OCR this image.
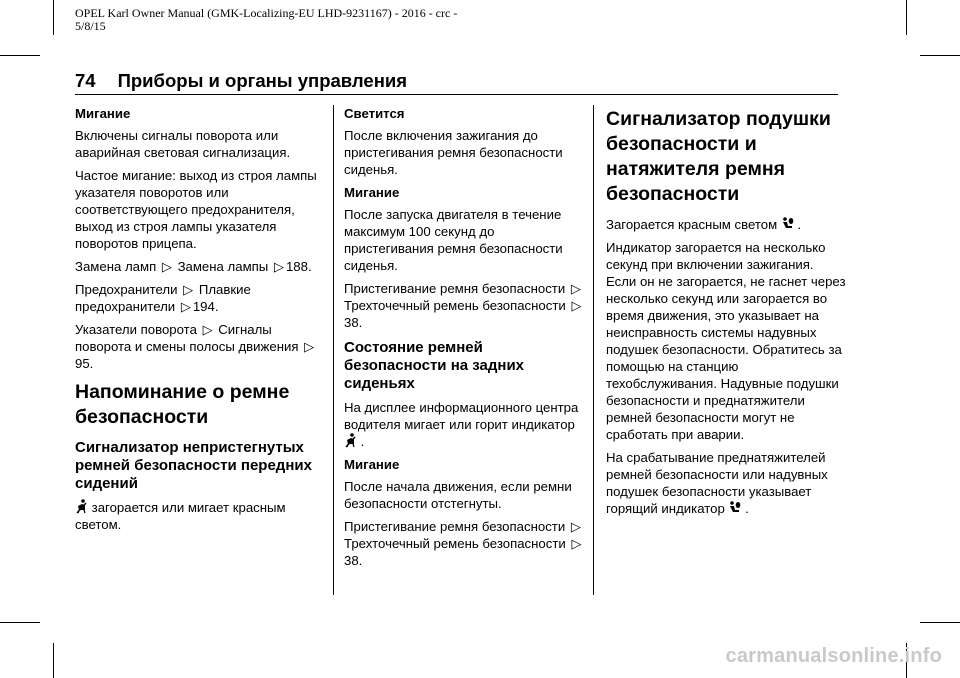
OPEL Karl Owner Manual (GMK-Localizing-EU LHD-9231167) - 2016 - crc -
5/8/15
74 Приборы и органы управления
Мигание

Включены сигналы поворота или аварийная световая сигнализация.

Частое мигание: выход из строя лампы указателя поворотов или соответствующего предохранителя, выход из строя лампы указателя поворотов прицепа.

Замена ламп ▷ Замена лампы ▷ 188.

Предохранители ▷ Плавкие предохранители ▷ 194.

Указатели поворота ▷ Сигналы поворота и смены полосы движения ▷95.

Напоминание о ремне безопасности
Сигнализатор непристегнутых ремней безопасности передних сидений

загорается или мигает красным светом.

Светится

После включения зажигания до пристегивания ремня безопасности сиденья.

Мигание

После запуска двигателя в течение максимум 100 секунд до пристегивания ремня безопасности сиденья.

Пристегивание ремня безопасности ▷ Трехточечный ремень безопасности ▷38.

Состояние ремней безопасности на задних сиденьях

На дисплее информационного центра водителя мигает или горит индикатор  .

Мигание

После начала движения, если ремни безопасности отстегнуты.

Пристегивание ремня безопасности ▷ Трехточечный ремень безопасности ▷38.

Сигнализатор подушки безопасности и натяжителя ремня безопасности

Загорается красным светом .

Индикатор загорается на несколько секунд при включении зажигания. Если он не загорается, не гаснет через несколько секунд или загорается во время движения, это указывает на неисправность системы надувных подушек безопасности. Обратитесь за помощью на станцию техобслуживания. Надувные подушки безопасности и преднатяжители ремней безопасности могут не сработать при аварии.

На срабатывание преднатяжителей ремней безопасности или надувных подушек безопасности указывает горящий индикатор .

carmanualsonline.info
